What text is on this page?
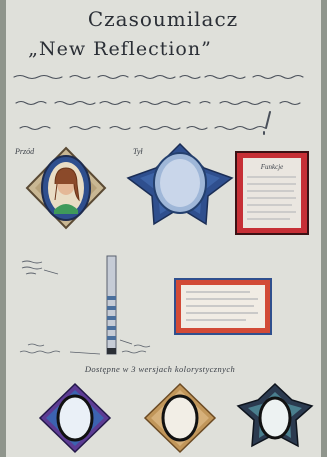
Czasoumilacz
„New Reflection”
Przód	Tył
Funkcje
Dostępne w 3 wersjach kolorystycznych
